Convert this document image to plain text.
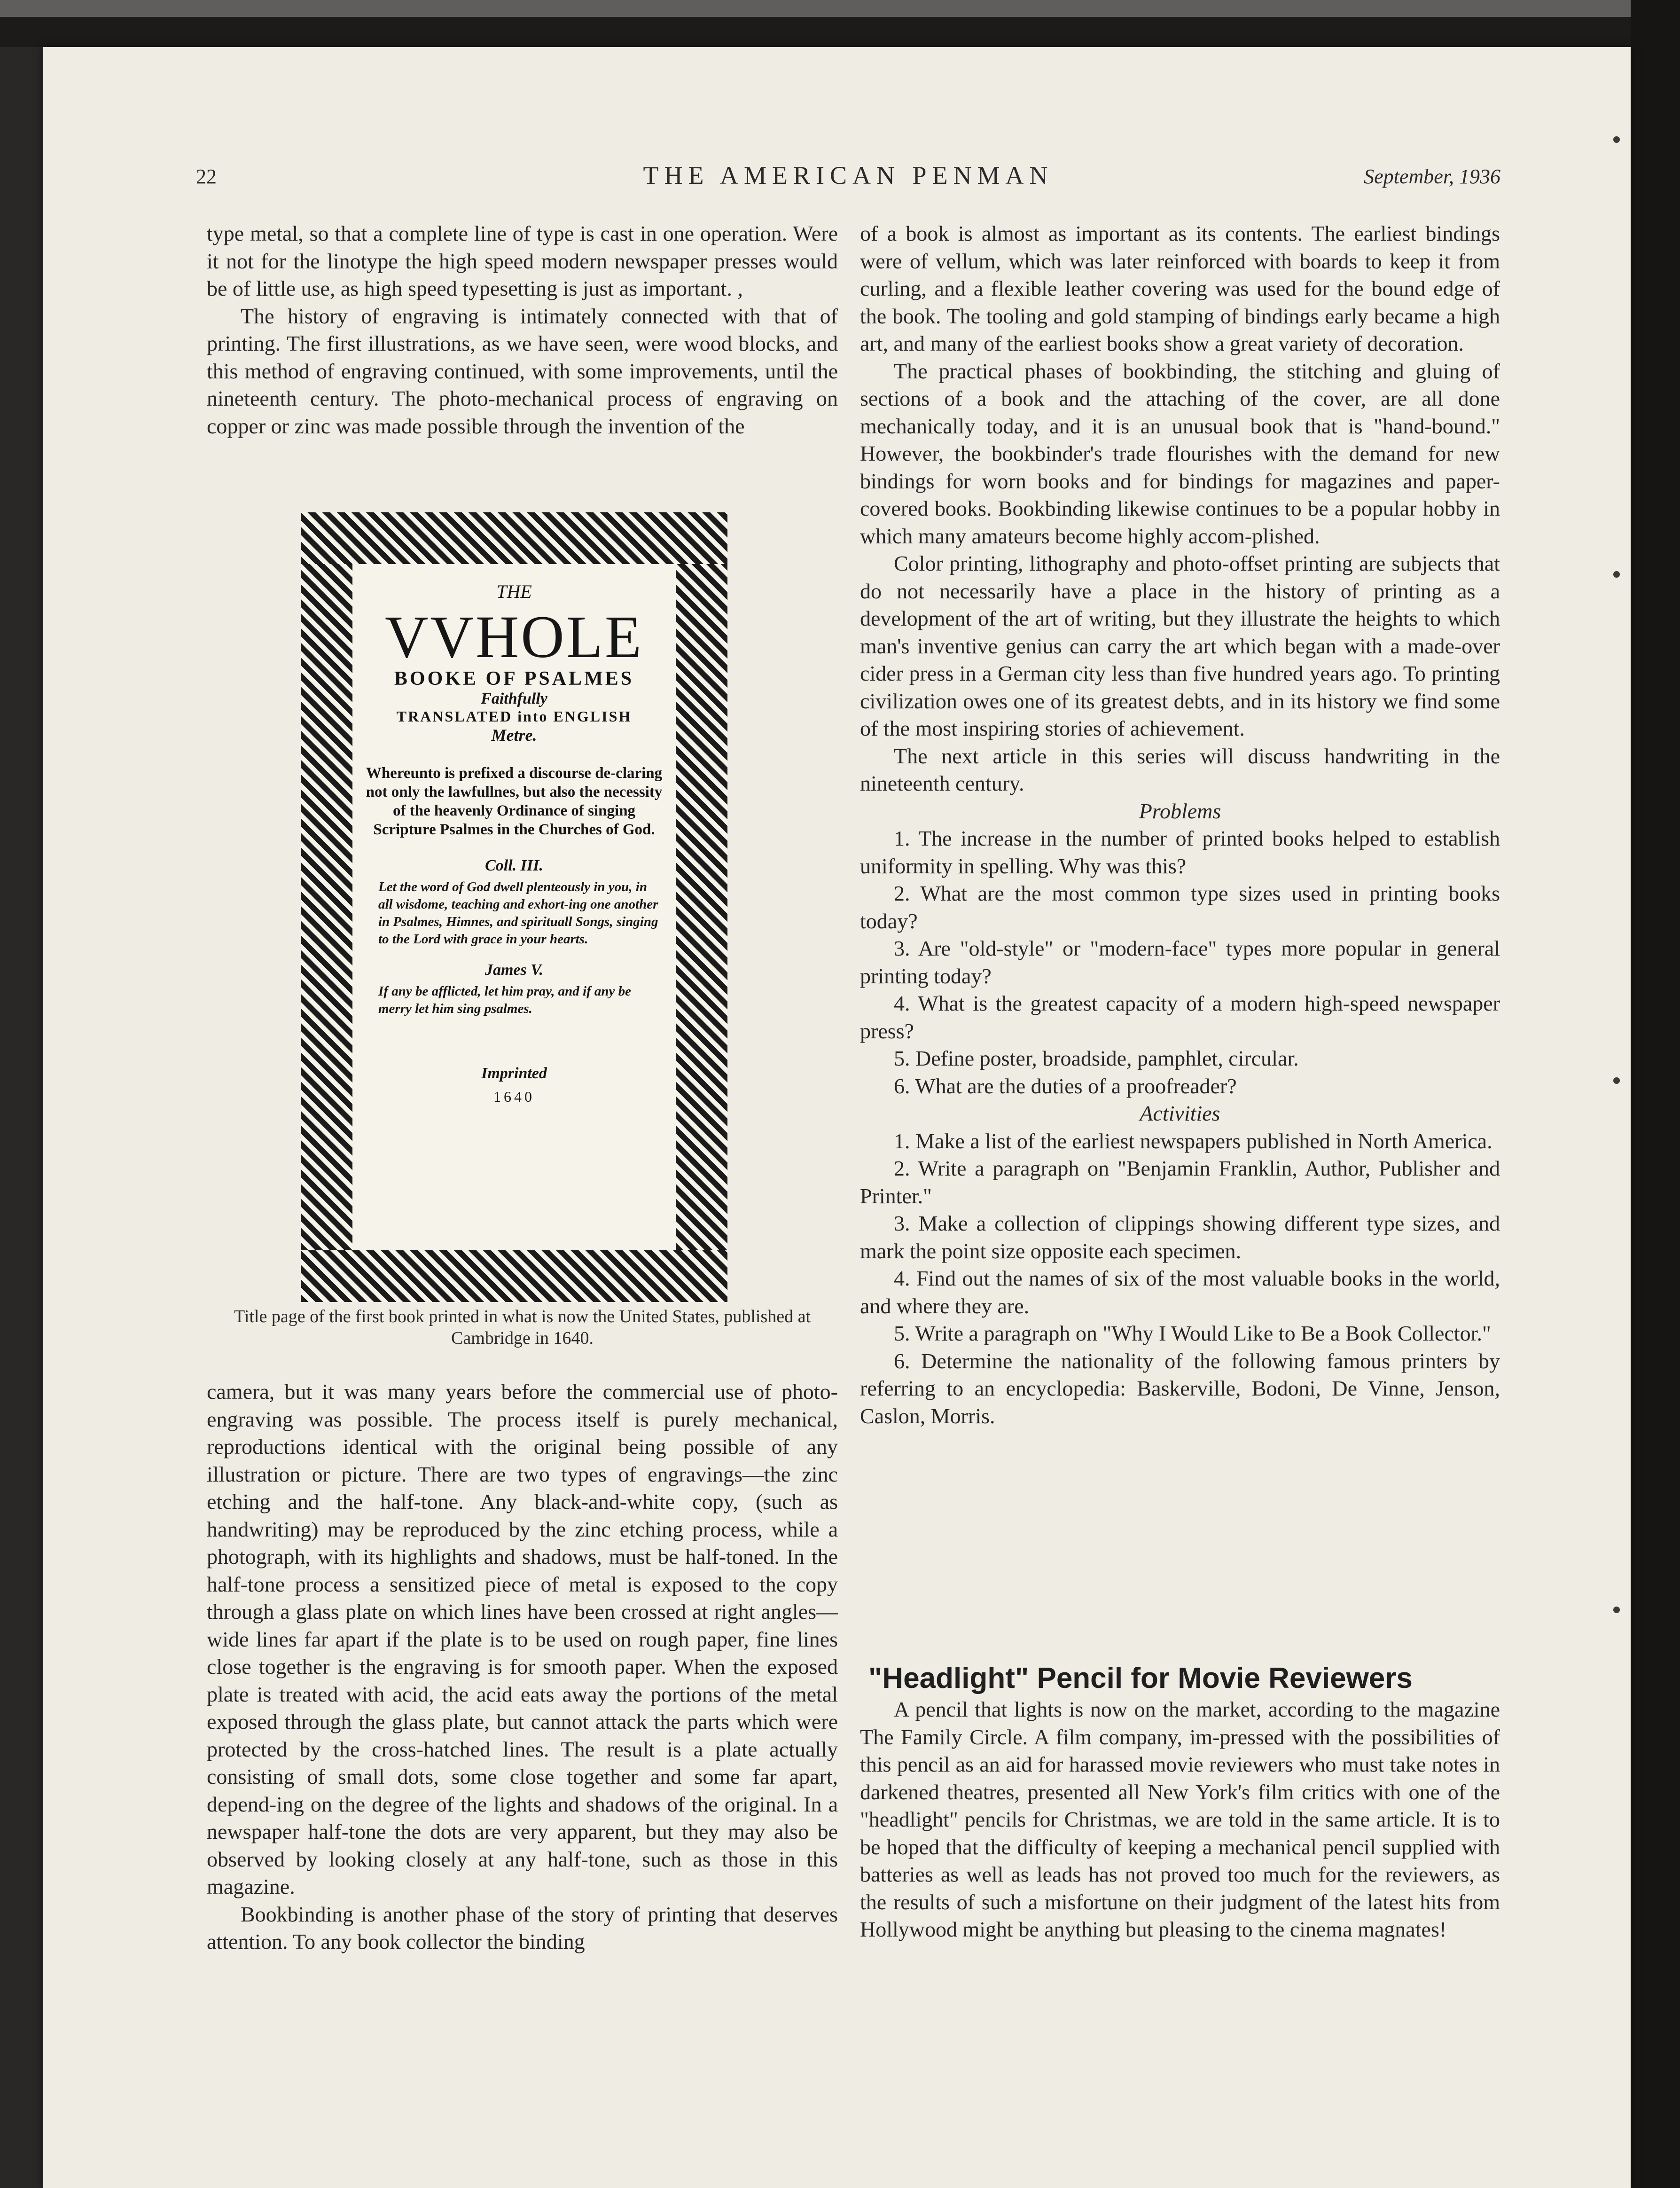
22	THE AMERICAN PENMAN	September, 1936

type metal, so that a complete line of type is cast in one operation. Were it not for the linotype the high speed modern newspaper presses would be of little use, as high speed typesetting is just as important. ,

The history of engraving is intimately connected with that of printing. The first illustrations, as we have seen, were wood blocks, and this method of engraving continued, with some improvements, until the nineteenth century. The photo-mechanical process of engraving on copper or zinc was made possible through the invention of the

THE
VVHOLE
BOOKE OF PSALMES
Faithfully
TRANSLATED into ENGLISH
Metre.
Whereunto is prefixed a discourse de-claring not only the lawfullnes, but also the necessity of the heavenly Ordinance of singing Scripture Psalmes in the Churches of God.
Coll. III.
Let the word of God dwell plenteously in you, in all wisdome, teaching and exhort-ing one another in Psalmes, Himnes, and spirituall Songs, singing to the Lord with grace in your hearts.
James V.
If any be afflicted, let him pray, and if any be merry let him sing psalmes.
Imprinted
1640
Title page of the first book printed in what is now the United States, published at Cambridge in 1640.

camera, but it was many years before the commercial use of photo-engraving was possible. The process itself is purely mechanical, reproductions identical with the original being possible of any illustration or picture. There are two types of engravings—the zinc etching and the half-tone. Any black-and-white copy, (such as handwriting) may be reproduced by the zinc etching process, while a photograph, with its highlights and shadows, must be half-toned. In the half-tone process a sensitized piece of metal is exposed to the copy through a glass plate on which lines have been crossed at right angles—wide lines far apart if the plate is to be used on rough paper, fine lines close together is the engraving is for smooth paper. When the exposed plate is treated with acid, the acid eats away the portions of the metal exposed through the glass plate, but cannot attack the parts which were protected by the cross-hatched lines. The result is a plate actually consisting of small dots, some close together and some far apart, depend-ing on the degree of the lights and shadows of the original. In a newspaper half-tone the dots are very apparent, but they may also be observed by looking closely at any half-tone, such as those in this magazine.

Bookbinding is another phase of the story of printing that deserves attention. To any book collector the binding

of a book is almost as important as its contents. The earliest bindings were of vellum, which was later reinforced with boards to keep it from curling, and a flexible leather covering was used for the bound edge of the book. The tooling and gold stamping of bindings early became a high art, and many of the earliest books show a great variety of decoration.

The practical phases of bookbinding, the stitching and gluing of sections of a book and the attaching of the cover, are all done mechanically today, and it is an unusual book that is "hand-bound." However, the bookbinder's trade flourishes with the demand for new bindings for worn books and for bindings for magazines and paper-covered books. Bookbinding likewise continues to be a popular hobby in which many amateurs become highly accom-plished.

Color printing, lithography and photo-offset printing are subjects that do not necessarily have a place in the history of printing as a development of the art of writing, but they illustrate the heights to which man's inventive genius can carry the art which began with a made-over cider press in a German city less than five hundred years ago. To printing civilization owes one of its greatest debts, and in its history we find some of the most inspiring stories of achievement.

The next article in this series will discuss handwriting in the nineteenth century.

Problems

1. The increase in the number of printed books helped to establish uniformity in spelling. Why was this?

2. What are the most common type sizes used in printing books today?

3. Are "old-style" or "modern-face" types more popular in general printing today?

4. What is the greatest capacity of a modern high-speed newspaper press?

5. Define poster, broadside, pamphlet, circular.

6. What are the duties of a proofreader?

Activities

1. Make a list of the earliest newspapers published in North America.

2. Write a paragraph on "Benjamin Franklin, Author, Publisher and Printer."

3. Make a collection of clippings showing different type sizes, and mark the point size opposite each specimen.

4. Find out the names of six of the most valuable books in the world, and where they are.

5. Write a paragraph on "Why I Would Like to Be a Book Collector."

6. Determine the nationality of the following famous printers by referring to an encyclopedia: Baskerville, Bodoni, De Vinne, Jenson, Caslon, Morris.

"Headlight" Pencil for Movie Reviewers

A pencil that lights is now on the market, according to the magazine The Family Circle. A film company, im-pressed with the possibilities of this pencil as an aid for harassed movie reviewers who must take notes in darkened theatres, presented all New York's film critics with one of the "headlight" pencils for Christmas, we are told in the same article. It is to be hoped that the difficulty of keeping a mechanical pencil supplied with batteries as well as leads has not proved too much for the reviewers, as the results of such a misfortune on their judgment of the latest hits from Hollywood might be anything but pleasing to the cinema magnates!
